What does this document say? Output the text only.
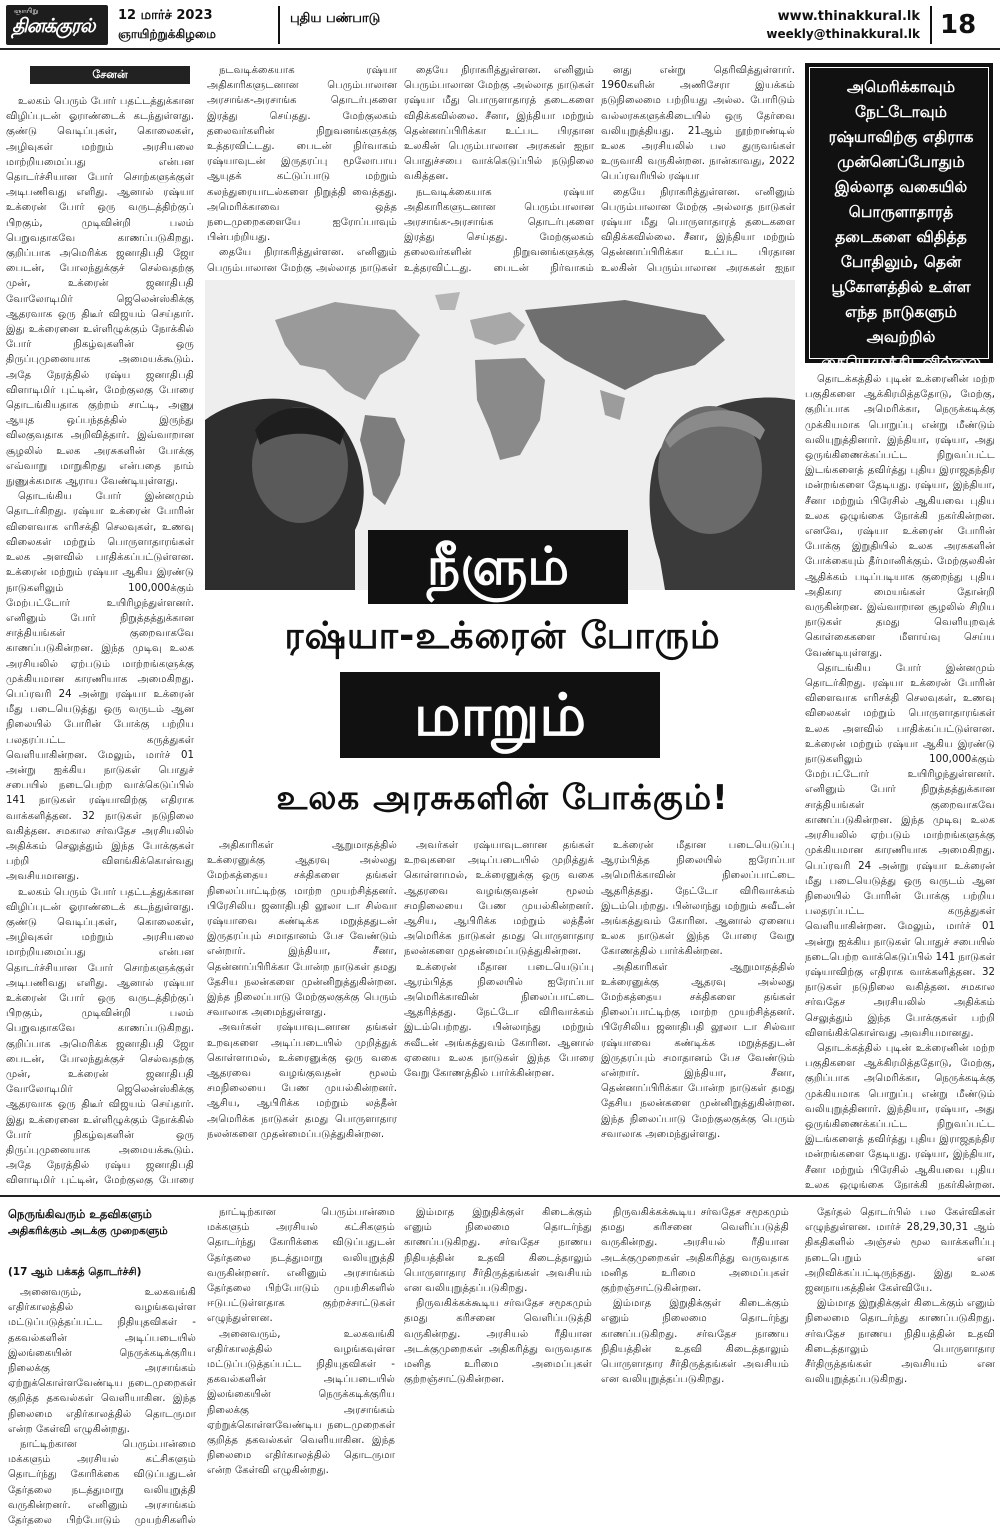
ஞாயிறு
தினக்குரல் 12 மார்ச் 2023
ஞாயிற்றுக்கிழமை
புதிய பண்பாடு	www.thinakkural.lk
weekly@thinakkural.lk 18
சேனன்

உலகம் பெரும் போர் பதட்டத்துக்கான விழிப்புடன் ஓராண்டைக் கடந்துள்ளது. குண்டு வெடிப்புகள், கொலைகள், அழிவுகள் மற்றும் அரசியலை மாற்றியமைப்பது என்பன தொடர்ச்சியான போர் சொற்களுக்குள் அடிபணிவது எளிது. ஆனால் ரஷ்யா உக்ரைன் போர் ஒரு வருடத்திற்குப் பிறகும், முடிவின்றி பலம் பெறுவதாகவே காணப்படுகிறது. குறிப்பாக அமெரிக்க ஜனாதிபதி ஜோ பைடன், போலந்துக்குச் செல்வதற்கு முன், உக்ரைன் ஜனாதிபதி வோலோடிமிர் ஜெலென்ஸ்கிக்கு ஆதரவாக ஒரு திடீர் விஜயம் செய்தார். இது உக்ரைனை உள்ளிழுக்கும் நோக்கில் போர் நிகழ்வுகளின் ஒரு திருப்புமுனையாக அமையக்கூடும். அதே நேரத்தில் ரஷ்ய ஜனாதிபதி விளாடிமிர் புட்டின், மேற்குலகு போரை தொடங்கியதாக குற்றம் சாட்டி, அணு ஆயுத ஒப்பந்தத்தில் இருந்து விலகுவதாக அறிவித்தார். இவ்வாறான சூழலில் உலக அரசுகளின் போக்கு எவ்வாறு மாறுகிறது என்பதை நாம் நுணுக்கமாக ஆராய வேண்டியுள்ளது.

தொடங்கிய போர் இன்னமும் தொடர்கிறது. ரஷ்யா உக்ரைன் போரின் விளைவாக எரிசக்தி செலவுகள், உணவு விலைகள் மற்றும் பொருளாதாரங்கள் உலக அளவில் பாதிக்கப்பட்டுள்ளன. உக்ரைன் மற்றும் ரஷ்யா ஆகிய இரண்டு நாடுகளிலும் 100,000க்கும் மேற்பட்டோர் உயிரிழந்துள்ளனர். எனினும் போர் நிறுத்தத்துக்கான சாத்தியங்கள் குறைவாகவே காணப்படுகின்றன. இந்த முடிவு உலக அரசியலில் ஏற்படும் மாற்றங்களுக்கு முக்கியமான காரணியாக அமைகிறது. பெப்ரவரி 24 அன்று ரஷ்யா உக்ரைன் மீது படையெடுத்து ஒரு வருடம் ஆன நிலையில் போரின் போக்கு பற்றிய பலதரப்பட்ட கருத்துகள் வெளியாகின்றன. மேலும், மார்ச் 01 அன்று ஐக்கிய நாடுகள் பொதுச் சபையில் நடைபெற்ற வாக்கெடுப்பில் 141 நாடுகள் ரஷ்யாவிற்கு எதிராக வாக்களித்தன. 32 நாடுகள் நடுநிலை வகித்தன. சமகால சர்வதேச அரசியலில் அதிக்கம் செலுத்தும் இந்த போக்குகள் பற்றி விளங்கிக்கொள்வது அவசியமானது.

உலகம் பெரும் போர் பதட்டத்துக்கான விழிப்புடன் ஓராண்டைக் கடந்துள்ளது. குண்டு வெடிப்புகள், கொலைகள், அழிவுகள் மற்றும் அரசியலை மாற்றியமைப்பது என்பன தொடர்ச்சியான போர் சொற்களுக்குள் அடிபணிவது எளிது. ஆனால் ரஷ்யா உக்ரைன் போர் ஒரு வருடத்திற்குப் பிறகும், முடிவின்றி பலம் பெறுவதாகவே காணப்படுகிறது. குறிப்பாக அமெரிக்க ஜனாதிபதி ஜோ பைடன், போலந்துக்குச் செல்வதற்கு முன், உக்ரைன் ஜனாதிபதி வோலோடிமிர் ஜெலென்ஸ்கிக்கு ஆதரவாக ஒரு திடீர் விஜயம் செய்தார். இது உக்ரைனை உள்ளிழுக்கும் நோக்கில் போர் நிகழ்வுகளின் ஒரு திருப்புமுனையாக அமையக்கூடும். அதே நேரத்தில் ரஷ்ய ஜனாதிபதி விளாடிமிர் புட்டின், மேற்குலகு போரை

நடவடிக்கையாக ரஷ்யா அதிகாரிகளுடனான பெரும்பாலான அரசாங்க-அரசாங்க தொடர்புகளை இரத்து செய்தது. மேற்குலகம் தலைவர்களின் நிறுவனங்களுக்கு உத்தரவிட்டது. பைடன் நிர்வாகம் ரஷ்யாவுடன் இருதரப்பு மூலோபாய ஆயுதக் கட்டுப்பாடு மற்றும் கலந்துரையாடல்களை நிறுத்தி வைத்தது. அமெரிக்காவை ஒத்த நடைமுறைகளையே ஐரோப்பாவும் பின்பற்றியது.

தையே நிராகரித்துள்ளன. எனினும் பெரும்பாலான மேற்கு அல்லாத நாடுகள்

தையே நிராகரித்துள்ளன. எனினும் பெரும்பாலான மேற்கு அல்லாத நாடுகள் ரஷ்யா மீது பொருளாதாரத் தடைகளை விதிக்கவில்லை. சீனா, இந்தியா மற்றும் தென்னாப்பிரிக்கா உட்பட பிரதான உலகின் பெரும்பாலான அரசுகள் ஐநா பொதுச்சபை வாக்கெடுப்பில் நடுநிலை வகித்தன.

நடவடிக்கையாக ரஷ்யா அதிகாரிகளுடனான பெரும்பாலான அரசாங்க-அரசாங்க தொடர்புகளை இரத்து செய்தது. மேற்குலகம் தலைவர்களின் நிறுவனங்களுக்கு உத்தரவிட்டது. பைடன் நிர்வாகம்

னது என்று தெரிவித்துள்ளார். 1960களின் அணிசேரா இயக்கம் நடுநிலைமை பற்றியது அல்ல. போரிடும் வல்லரசுகளுக்கிடையில் ஒரு தேர்வை வலியுறுத்தியது. 21ஆம் நூற்றாண்டில் உலக அரசியலில் பல துருவங்கள் உருவாகி வருகின்றன. நான்காவது, 2022 பெப்ரவரியில் ரஷ்யா

தையே நிராகரித்துள்ளன. எனினும் பெரும்பாலான மேற்கு அல்லாத நாடுகள் ரஷ்யா மீது பொருளாதாரத் தடைகளை விதிக்கவில்லை. சீனா, இந்தியா மற்றும் தென்னாப்பிரிக்கா உட்பட பிரதான உலகின் பெரும்பாலான அரசுகள் ஐநா

அமெரிக்காவும் நேட்டோவும் ரஷ்யாவிற்கு எதிராக முன்னெப்போதும் இல்லாத வகையில் பொருளாதாரத் தடைகளை விதித்த போதிலும், தென் பூகோளத்தில் உள்ள எந்த நாடுகளும் அவற்றில் கையெழுத்திடவில்லை

தொடக்கத்தில் புடின் உக்ரைனின் மற்ற பகுதிகளை ஆக்கிரமித்ததோடு, மேற்கு, குறிப்பாக அமெரிக்கா, நெருக்கடிக்கு முக்கியமாக பொறுப்பு என்று மீண்டும் வலியுறுத்தினார். இந்தியா, ரஷ்யா, அது ஒருங்கிணைக்கப்பட்ட நிறுவப்பட்ட இடங்களைத் தவிர்த்து புதிய இராஜதந்திர மன்றங்களை தேடியது. ரஷ்யா, இந்தியா, சீனா மற்றும் பிரேசில் ஆகியவை புதிய உலக ஒழுங்கை நோக்கி நகர்கின்றன. எனவே, ரஷ்யா உக்ரைன் போரின் போக்கு இறுதியில் உலக அரசுகளின் போக்கையும் தீர்மானிக்கும். மேற்குலகின் ஆதிக்கம் படிப்படியாக குறைந்து புதிய அதிகார மையங்கள் தோன்றி வருகின்றன. இவ்வாறான சூழலில் சிறிய நாடுகள் தமது வெளியுறவுக் கொள்கைகளை மீளாய்வு செய்ய வேண்டியுள்ளது.

தொடங்கிய போர் இன்னமும் தொடர்கிறது. ரஷ்யா உக்ரைன் போரின் விளைவாக எரிசக்தி செலவுகள், உணவு விலைகள் மற்றும் பொருளாதாரங்கள் உலக அளவில் பாதிக்கப்பட்டுள்ளன. உக்ரைன் மற்றும் ரஷ்யா ஆகிய இரண்டு நாடுகளிலும் 100,000க்கும் மேற்பட்டோர் உயிரிழந்துள்ளனர். எனினும் போர் நிறுத்தத்துக்கான சாத்தியங்கள் குறைவாகவே காணப்படுகின்றன. இந்த முடிவு உலக அரசியலில் ஏற்படும் மாற்றங்களுக்கு முக்கியமான காரணியாக அமைகிறது. பெப்ரவரி 24 அன்று ரஷ்யா உக்ரைன் மீது படையெடுத்து ஒரு வருடம் ஆன நிலையில் போரின் போக்கு பற்றிய பலதரப்பட்ட கருத்துகள் வெளியாகின்றன. மேலும், மார்ச் 01 அன்று ஐக்கிய நாடுகள் பொதுச் சபையில் நடைபெற்ற வாக்கெடுப்பில் 141 நாடுகள் ரஷ்யாவிற்கு எதிராக வாக்களித்தன. 32 நாடுகள் நடுநிலை வகித்தன. சமகால சர்வதேச அரசியலில் அதிக்கம் செலுத்தும் இந்த போக்குகள் பற்றி விளங்கிக்கொள்வது அவசியமானது.

தொடக்கத்தில் புடின் உக்ரைனின் மற்ற பகுதிகளை ஆக்கிரமித்ததோடு, மேற்கு, குறிப்பாக அமெரிக்கா, நெருக்கடிக்கு முக்கியமாக பொறுப்பு என்று மீண்டும் வலியுறுத்தினார். இந்தியா, ரஷ்யா, அது ஒருங்கிணைக்கப்பட்ட நிறுவப்பட்ட இடங்களைத் தவிர்த்து புதிய இராஜதந்திர மன்றங்களை தேடியது. ரஷ்யா, இந்தியா, சீனா மற்றும் பிரேசில் ஆகியவை புதிய உலக ஒழுங்கை நோக்கி நகர்கின்றன.

நீளும்
ரஷ்யா-உக்ரைன் போரும்
மாறும்
உலக அரசுகளின் போக்கும்!

அதிகாரிகள் ஆறுமாதத்தில் உக்ரைனுக்கு ஆதரவு அல்லது மேற்கத்தைய சக்திகளை தங்கள் நிலைப்பாட்டிற்கு மாற்ற முயற்சித்தனர். பிரேசிலிய ஜனாதிபதி லூலா டா சில்வா ரஷ்யாவை கண்டிக்க மறுத்ததுடன் இருதரப்பும் சமாதானம் பேச வேண்டும் என்றார். இந்தியா, சீனா, தென்னாப்பிரிக்கா போன்ற நாடுகள் தமது தேசிய நலன்களை முன்னிறுத்துகின்றன. இந்த நிலைப்பாடு மேற்குலகுக்கு பெரும் சவாலாக அமைந்துள்ளது.

அவர்கள் ரஷ்யாவுடனான தங்கள் உறவுகளை அடிப்படையில் முறித்துக் கொள்ளாமல், உக்ரைனுக்கு ஒரு வகை ஆதரவை வழங்குவதன் மூலம் சமநிலையை பேண முயல்கின்றனர். ஆசிய, ஆபிரிக்க மற்றும் லத்தீன் அமெரிக்க நாடுகள் தமது பொருளாதார நலன்களை முதன்மைப்படுத்துகின்றன.

அவர்கள் ரஷ்யாவுடனான தங்கள் உறவுகளை அடிப்படையில் முறித்துக் கொள்ளாமல், உக்ரைனுக்கு ஒரு வகை ஆதரவை வழங்குவதன் மூலம் சமநிலையை பேண முயல்கின்றனர். ஆசிய, ஆபிரிக்க மற்றும் லத்தீன் அமெரிக்க நாடுகள் தமது பொருளாதார நலன்களை முதன்மைப்படுத்துகின்றன.

உக்ரைன் மீதான படையெடுப்பு ஆரம்பித்த நிலையில் ஐரோப்பா அமெரிக்காவின் நிலைப்பாட்டை ஆதரித்தது. நேட்டோ விரிவாக்கம் இடம்பெற்றது. பின்லாந்து மற்றும் சுவீடன் அங்கத்துவம் கோரின. ஆனால் ஏனைய உலக நாடுகள் இந்த போரை வேறு கோணத்தில் பார்க்கின்றன.

உக்ரைன் மீதான படையெடுப்பு ஆரம்பித்த நிலையில் ஐரோப்பா அமெரிக்காவின் நிலைப்பாட்டை ஆதரித்தது. நேட்டோ விரிவாக்கம் இடம்பெற்றது. பின்லாந்து மற்றும் சுவீடன் அங்கத்துவம் கோரின. ஆனால் ஏனைய உலக நாடுகள் இந்த போரை வேறு கோணத்தில் பார்க்கின்றன.

அதிகாரிகள் ஆறுமாதத்தில் உக்ரைனுக்கு ஆதரவு அல்லது மேற்கத்தைய சக்திகளை தங்கள் நிலைப்பாட்டிற்கு மாற்ற முயற்சித்தனர். பிரேசிலிய ஜனாதிபதி லூலா டா சில்வா ரஷ்யாவை கண்டிக்க மறுத்ததுடன் இருதரப்பும் சமாதானம் பேச வேண்டும் என்றார். இந்தியா, சீனா, தென்னாப்பிரிக்கா போன்ற நாடுகள் தமது தேசிய நலன்களை முன்னிறுத்துகின்றன. இந்த நிலைப்பாடு மேற்குலகுக்கு பெரும் சவாலாக அமைந்துள்ளது.

நெருங்கிவரும் உதவிகளும்
அதிகரிக்கும் அடக்கு முறைகளும்
(17 ஆம் பக்கத் தொடர்ச்சி)

அனைவரும், உலகவங்கி எதிர்காலத்தில் வழங்கவுள்ள மட்டுப்படுத்தப்பட்ட நிதியுதவிகள் - தகவல்களின் அடிப்படையில் இலங்கையின் நெருக்கடிக்குரிய நிலைக்கு அரசாங்கம் ஏற்றுக்கொள்ளவேண்டிய நடைமுறைகள் குறித்த தகவல்கள் வெளியாகின. இந்த நிலைமை எதிர்காலத்தில் தொடருமா என்ற கேள்வி எழுகின்றது.

நாட்டிற்கான பெரும்பான்மை மக்களும் அரசியல் கட்சிகளும் தொடர்ந்து கோரிக்கை விடுப்பதுடன் தேர்தலை நடத்துமாறு வலியுறுத்தி வருகின்றனர். எனினும் அரசாங்கம் தேர்தலை பிற்போடும் முயற்சிகளில்

நாட்டிற்கான பெரும்பான்மை மக்களும் அரசியல் கட்சிகளும் தொடர்ந்து கோரிக்கை விடுப்பதுடன் தேர்தலை நடத்துமாறு வலியுறுத்தி வருகின்றனர். எனினும் அரசாங்கம் தேர்தலை பிற்போடும் முயற்சிகளில் ஈடுபட்டுள்ளதாக குற்றச்சாட்டுகள் எழுந்துள்ளன.

அனைவரும், உலகவங்கி எதிர்காலத்தில் வழங்கவுள்ள மட்டுப்படுத்தப்பட்ட நிதியுதவிகள் - தகவல்களின் அடிப்படையில் இலங்கையின் நெருக்கடிக்குரிய நிலைக்கு அரசாங்கம் ஏற்றுக்கொள்ளவேண்டிய நடைமுறைகள் குறித்த தகவல்கள் வெளியாகின. இந்த நிலைமை எதிர்காலத்தில் தொடருமா என்ற கேள்வி எழுகின்றது.

இம்மாத இறுதிக்குள் கிடைக்கும் எனும் நிலைமை தொடர்ந்து காணப்படுகிறது. சர்வதேச நாணய நிதியத்தின் உதவி கிடைத்தாலும் பொருளாதார சீர்திருத்தங்கள் அவசியம் என வலியுறுத்தப்படுகிறது.

நிருவகிக்கக்கூடிய சர்வதேச சமூகமும் தமது கரிசனை வெளிப்படுத்தி வருகின்றது. அரசியல் ரீதியான அடக்குமுறைகள் அதிகரித்து வருவதாக மனித உரிமை அமைப்புகள் குற்றஞ்சாட்டுகின்றன.

நிருவகிக்கக்கூடிய சர்வதேச சமூகமும் தமது கரிசனை வெளிப்படுத்தி வருகின்றது. அரசியல் ரீதியான அடக்குமுறைகள் அதிகரித்து வருவதாக மனித உரிமை அமைப்புகள் குற்றஞ்சாட்டுகின்றன.

இம்மாத இறுதிக்குள் கிடைக்கும் எனும் நிலைமை தொடர்ந்து காணப்படுகிறது. சர்வதேச நாணய நிதியத்தின் உதவி கிடைத்தாலும் பொருளாதார சீர்திருத்தங்கள் அவசியம் என வலியுறுத்தப்படுகிறது.

தேர்தல் தொடர்பில் பல கேள்விகள் எழுந்துள்ளன. மார்ச் 28,29,30,31 ஆம் திகதிகளில் அஞ்சல் மூல வாக்களிப்பு நடைபெறும் என அறிவிக்கப்பட்டிருந்தது. இது உலக ஜனநாயகத்தின் கேள்வியே.

இம்மாத இறுதிக்குள் கிடைக்கும் எனும் நிலைமை தொடர்ந்து காணப்படுகிறது. சர்வதேச நாணய நிதியத்தின் உதவி கிடைத்தாலும் பொருளாதார சீர்திருத்தங்கள் அவசியம் என வலியுறுத்தப்படுகிறது.
